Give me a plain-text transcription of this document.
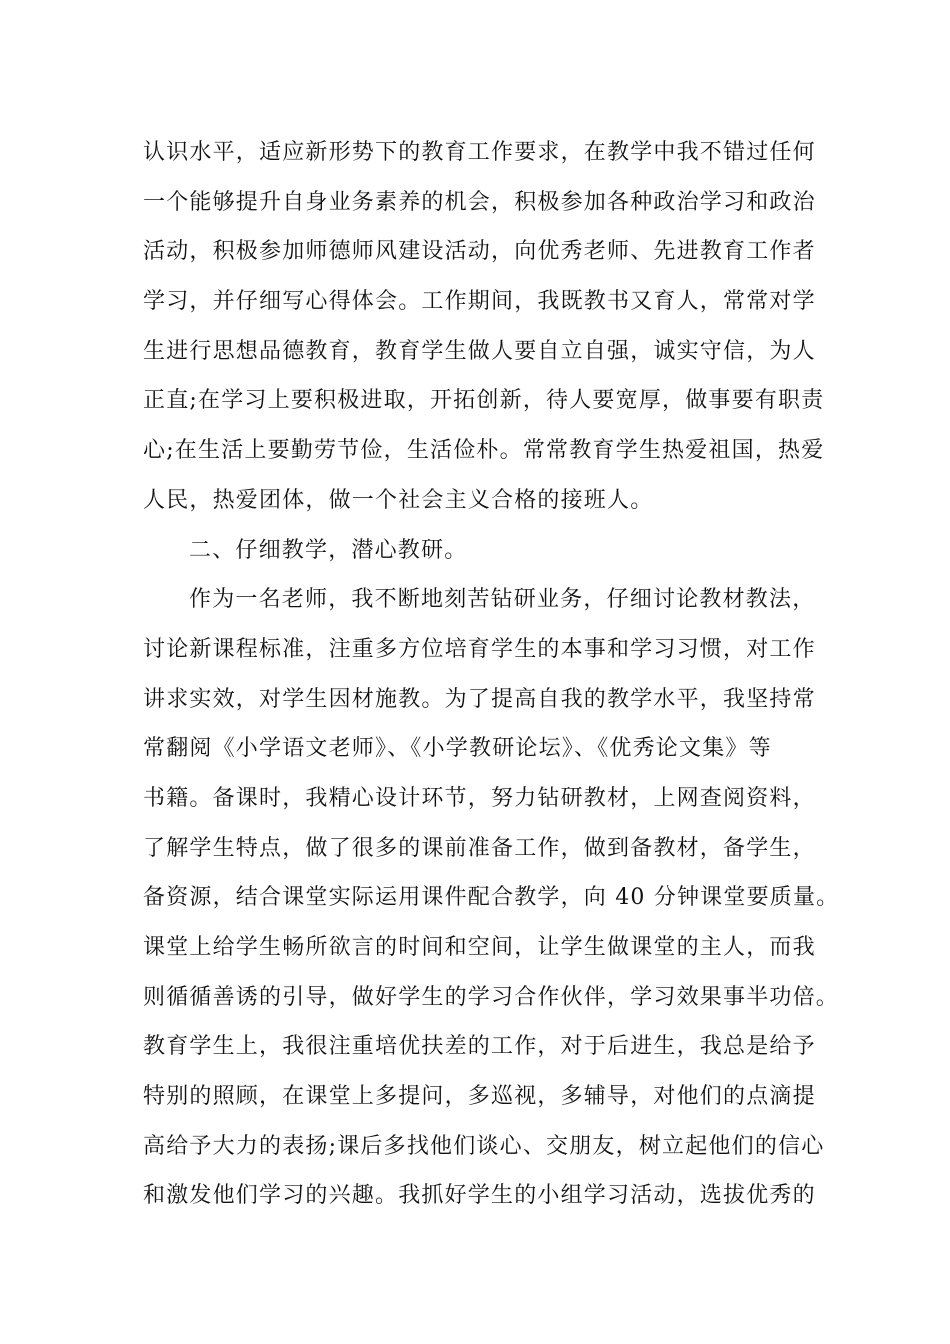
认识水平，适应新形势下的教育工作要求，在教学中我不错过任何
一个能够提升自身业务素养的机会，积极参加各种政治学习和政治
活动，积极参加师德师风建设活动，向优秀老师、先进教育工作者
学习，并仔细写心得体会。工作期间，我既教书又育人，常常对学
生进行思想品德教育，教育学生做人要自立自强，诚实守信，为人
正直;在学习上要积极进取，开拓创新，待人要宽厚，做事要有职责
心;在生活上要勤劳节俭，生活俭朴。常常教育学生热爱祖国，热爱
人民，热爱团体，做一个社会主义合格的接班人。
二、仔细教学，潜心教研。
作为一名老师，我不断地刻苦钻研业务，仔细讨论教材教法，
讨论新课程标准，注重多方位培育学生的本事和学习习惯，对工作
讲求实效，对学生因材施教。为了提高自我的教学水平，我坚持常
常翻阅《小学语文老师》、《小学教研论坛》、《优秀论文集》等
书籍。备课时，我精心设计环节，努力钻研教材，上网查阅资料，
了解学生特点，做了很多的课前准备工作，做到备教材，备学生，
备资源，结合课堂实际运用课件配合教学，向 40 分钟课堂要质量。
课堂上给学生畅所欲言的时间和空间，让学生做课堂的主人，而我
则循循善诱的引导，做好学生的学习合作伙伴，学习效果事半功倍。
教育学生上，我很注重培优扶差的工作，对于后进生，我总是给予
特别的照顾，在课堂上多提问，多巡视，多辅导，对他们的点滴提
高给予大力的表扬;课后多找他们谈心、交朋友，树立起他们的信心
和激发他们学习的兴趣。我抓好学生的小组学习活动，选拔优秀的
